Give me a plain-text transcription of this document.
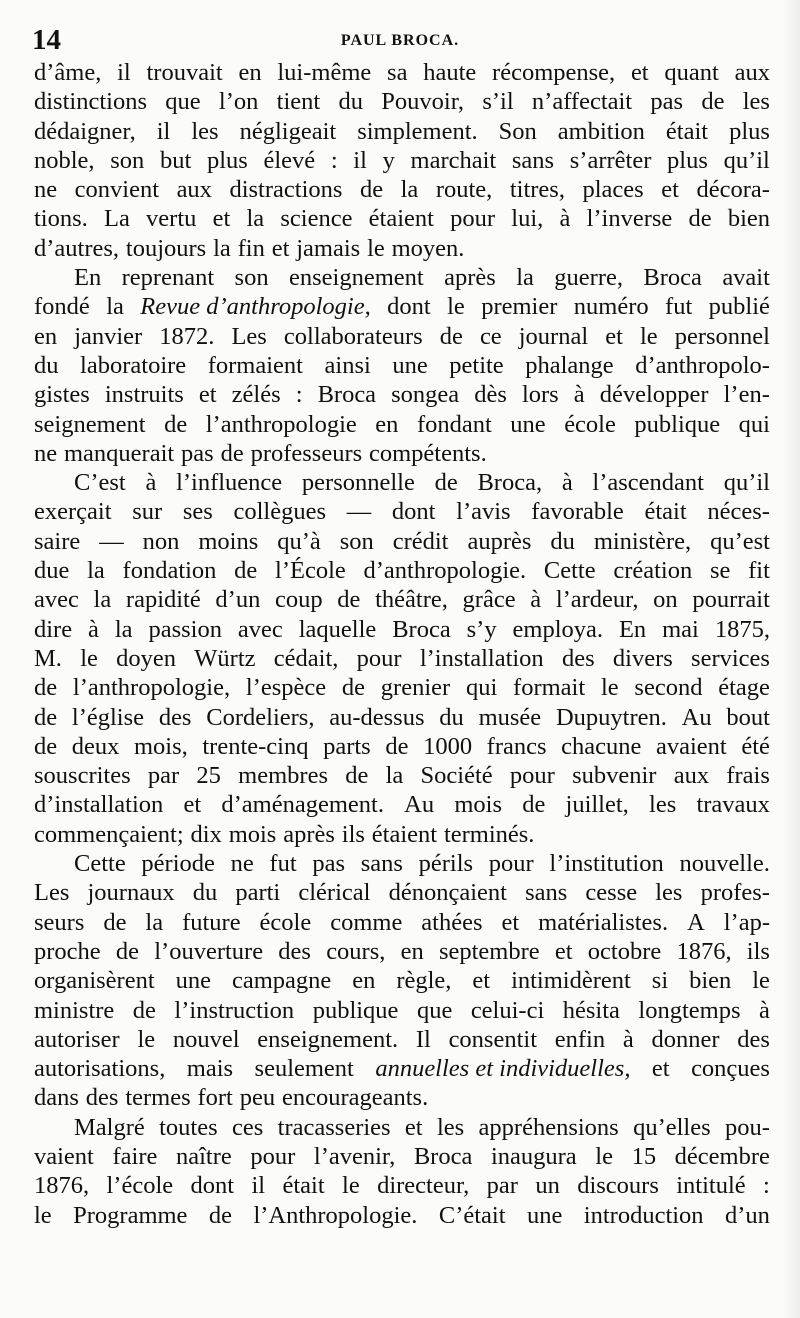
14	PAUL BROCA.
d’âme, il trouvait en lui-même sa haute récompense, et quant aux
distinctions que l’on tient du Pouvoir, s’il n’affectait pas de les
dédaigner, il les négligeait simplement. Son ambition était plus
noble, son but plus élevé : il y marchait sans s’arrêter plus qu’il
ne convient aux distractions de la route, titres, places et décora-
tions. La vertu et la science étaient pour lui, à l’inverse de bien
d’autres, toujours la fin et jamais le moyen.
En reprenant son enseignement après la guerre, Broca avait
fondé la Revue d’anthropologie, dont le premier numéro fut publié
en janvier 1872. Les collaborateurs de ce journal et le personnel
du laboratoire formaient ainsi une petite phalange d’anthropolo-
gistes instruits et zélés : Broca songea dès lors à développer l’en-
seignement de l’anthropologie en fondant une école publique qui
ne manquerait pas de professeurs compétents.
C’est à l’influence personnelle de Broca, à l’ascendant qu’il
exerçait sur ses collègues — dont l’avis favorable était néces-
saire — non moins qu’à son crédit auprès du ministère, qu’est
due la fondation de l’École d’anthropologie. Cette création se fit
avec la rapidité d’un coup de théâtre, grâce à l’ardeur, on pourrait
dire à la passion avec laquelle Broca s’y employa. En mai 1875,
M. le doyen Würtz cédait, pour l’installation des divers services
de l’anthropologie, l’espèce de grenier qui formait le second étage
de l’église des Cordeliers, au-dessus du musée Dupuytren. Au bout
de deux mois, trente-cinq parts de 1000 francs chacune avaient été
souscrites par 25 membres de la Société pour subvenir aux frais
d’installation et d’aménagement. Au mois de juillet, les travaux
commençaient; dix mois après ils étaient terminés.
Cette période ne fut pas sans périls pour l’institution nouvelle.
Les journaux du parti clérical dénonçaient sans cesse les profes-
seurs de la future école comme athées et matérialistes. A l’ap-
proche de l’ouverture des cours, en septembre et octobre 1876, ils
organisèrent une campagne en règle, et intimidèrent si bien le
ministre de l’instruction publique que celui-ci hésita longtemps à
autoriser le nouvel enseignement. Il consentit enfin à donner des
autorisations, mais seulement annuelles et individuelles, et conçues
dans des termes fort peu encourageants.
Malgré toutes ces tracasseries et les appréhensions qu’elles pou-
vaient faire naître pour l’avenir, Broca inaugura le 15 décembre
1876, l’école dont il était le directeur, par un discours intitulé :
le Programme de l’Anthropologie. C’était une introduction d’un
